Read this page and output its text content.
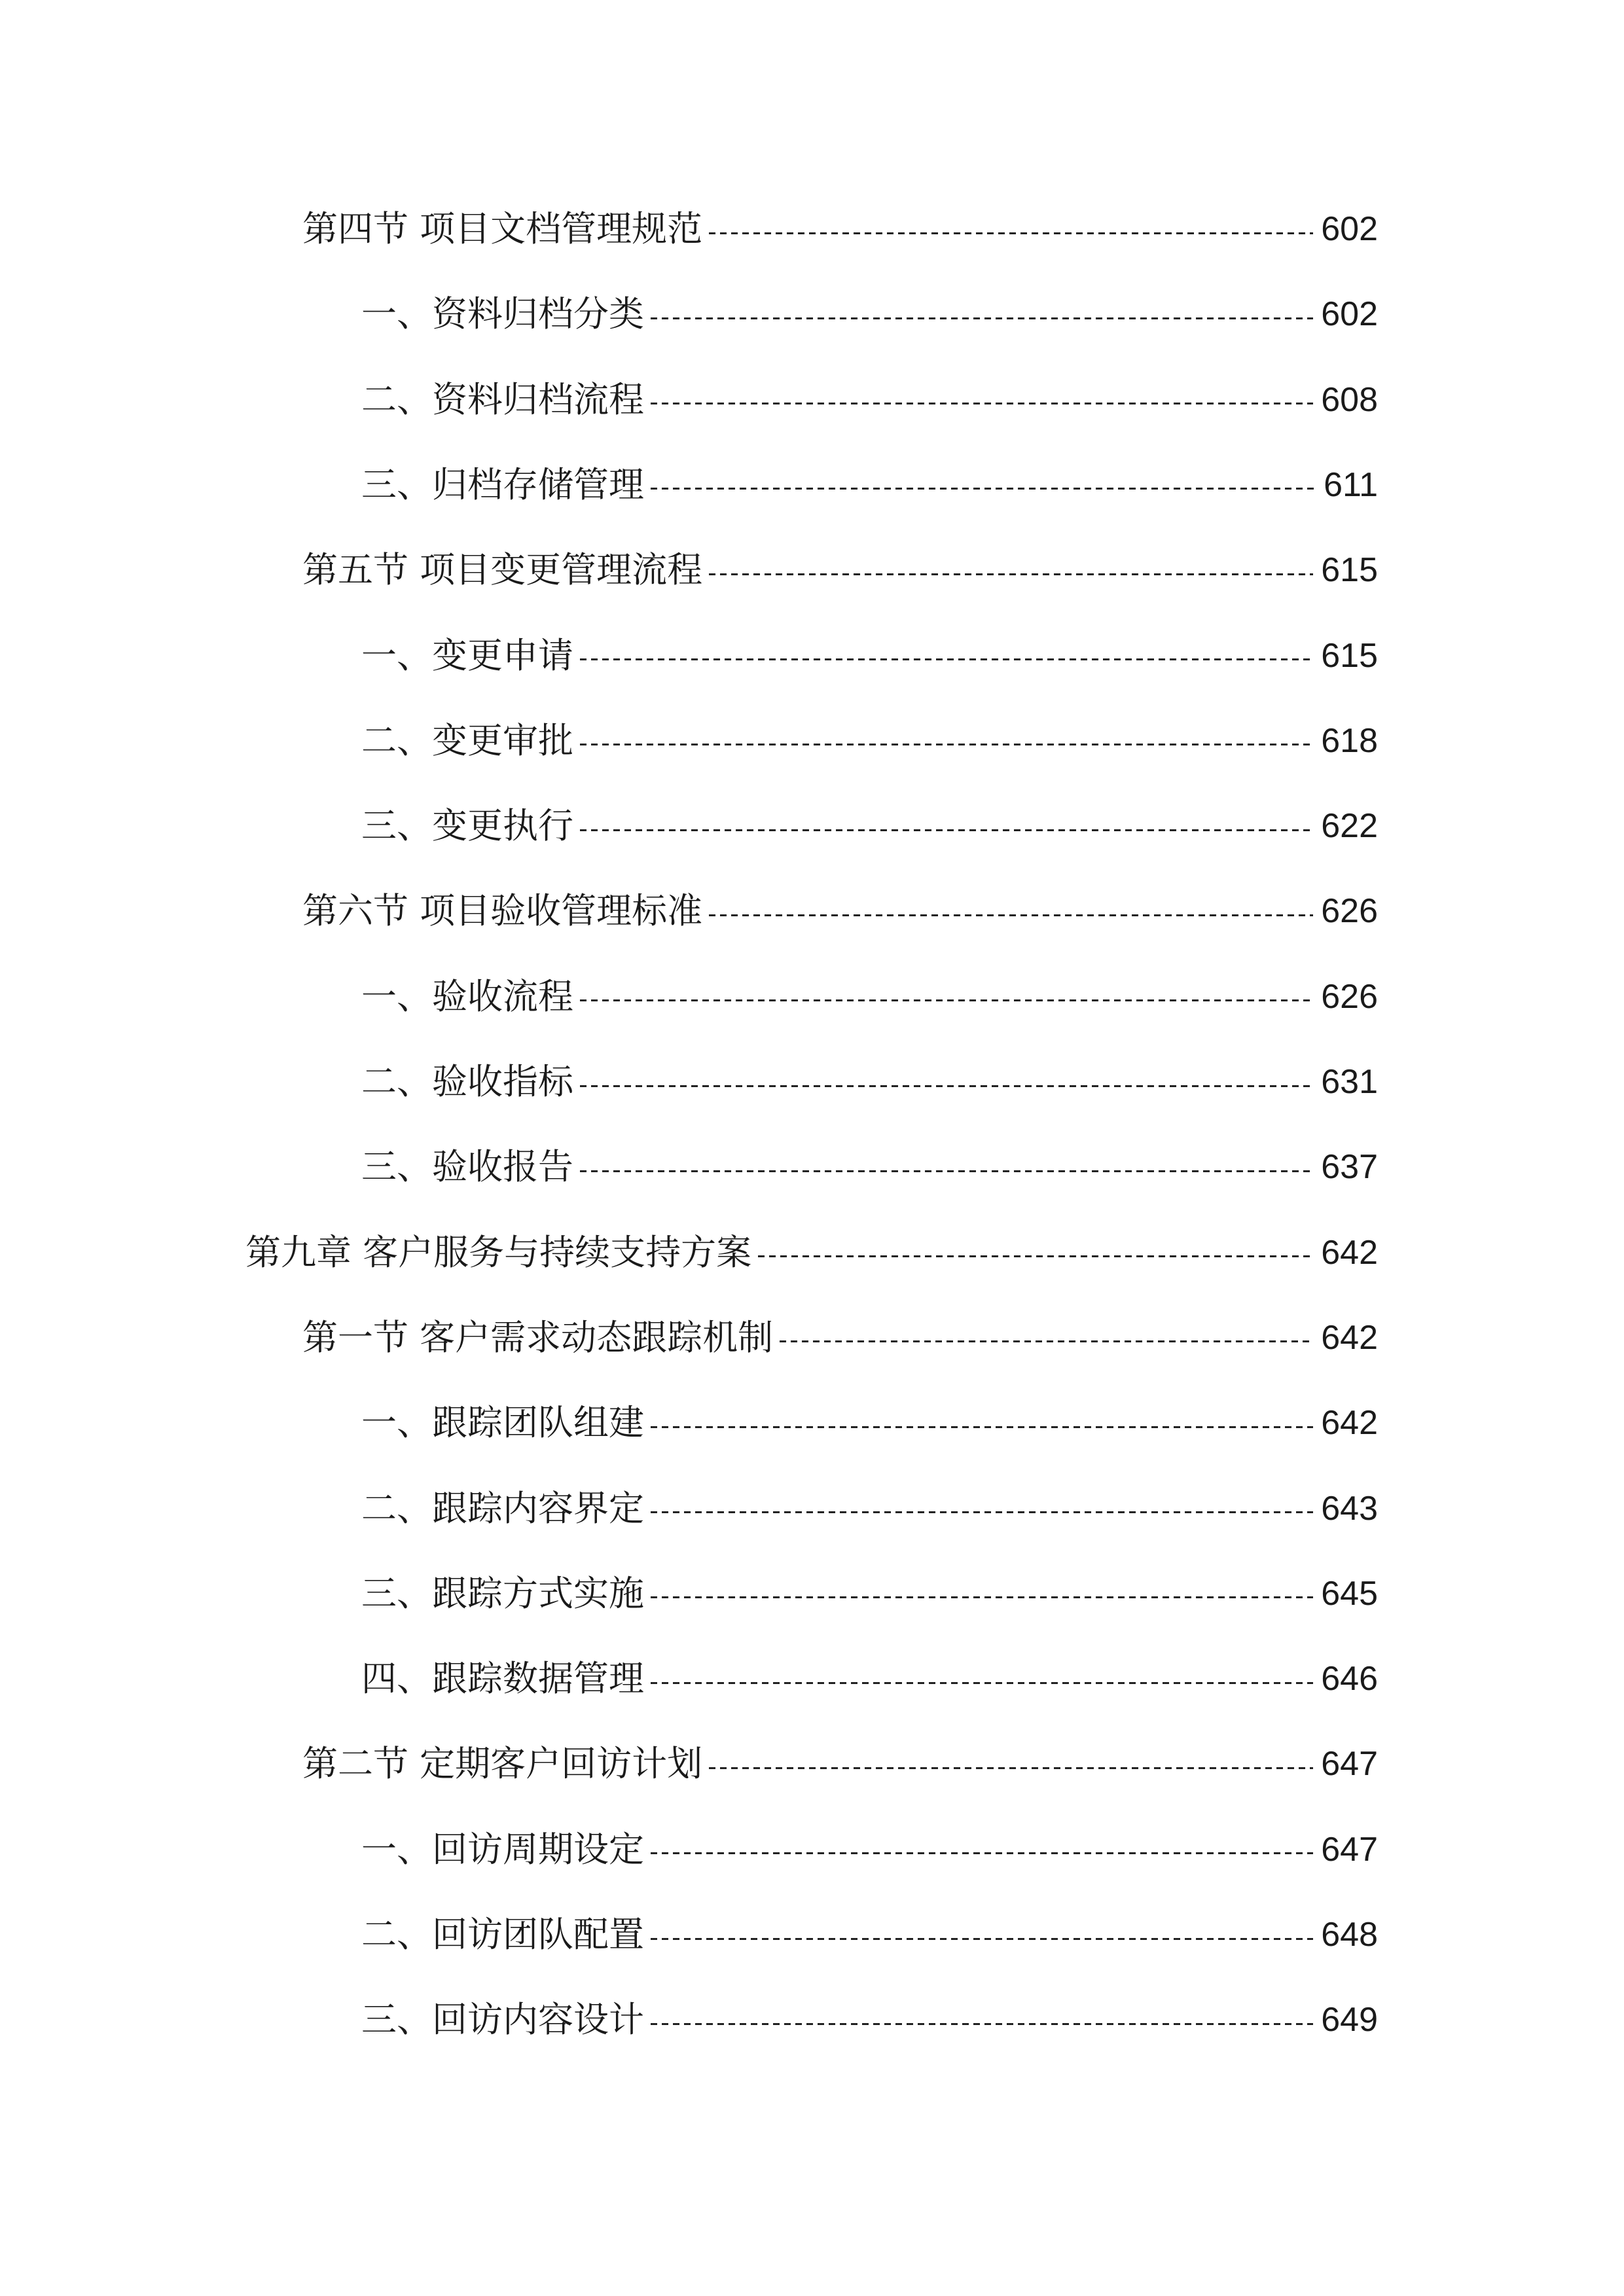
第四节 项目文档管理规范	602
一、资料归档分类	602
二、资料归档流程	608
三、归档存储管理	611
第五节 项目变更管理流程	615
一、变更申请	615
二、变更审批	618
三、变更执行	622
第六节 项目验收管理标准	626
一、验收流程	626
二、验收指标	631
三、验收报告	637
第九章 客户服务与持续支持方案	642
第一节 客户需求动态跟踪机制	642
一、跟踪团队组建	642
二、跟踪内容界定	643
三、跟踪方式实施	645
四、跟踪数据管理	646
第二节 定期客户回访计划	647
一、回访周期设定	647
二、回访团队配置	648
三、回访内容设计	649
